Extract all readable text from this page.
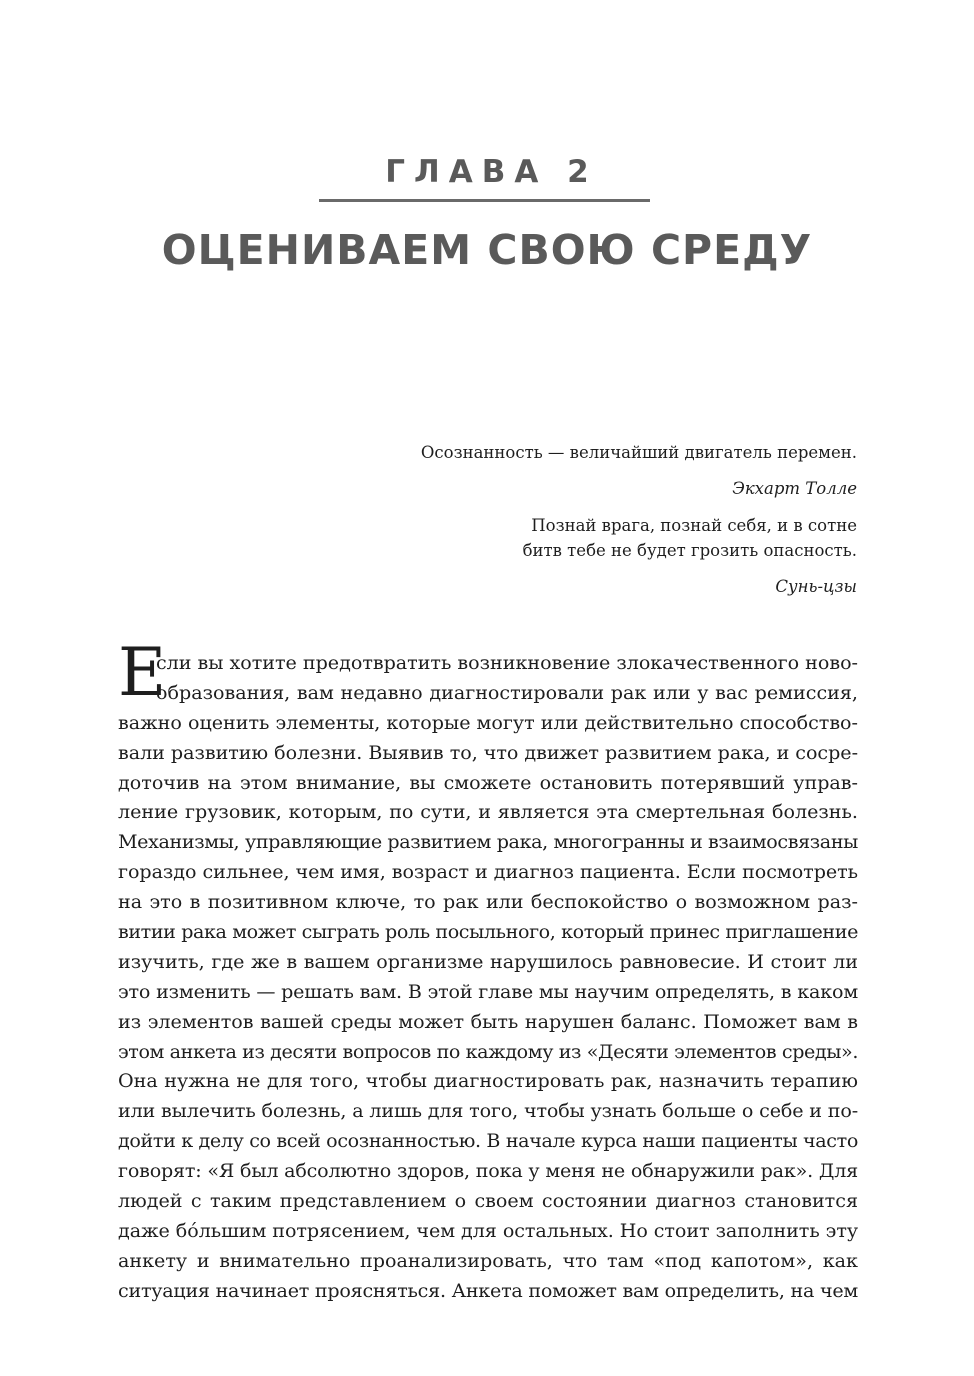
ГЛАВА 2
ОЦЕНИВАЕМ СВОЮ СРЕДУ
Осознанность — величайший двигатель перемен.
Экхарт Толле
Познай врага, познай себя, и в сотне
битв тебе не будет грозить опасность.
Сунь-цзы
Е
сли вы хотите предотвратить возникновение злокачественного ново-
образования, вам недавно диагностировали рак или у вас ремиссия,
важно оценить элементы, которые могут или действительно способство-
вали развитию болезни. Выявив то, что движет развитием рака, и сосре-
доточив на этом внимание, вы сможете остановить потерявший управ-
ление грузовик, которым, по сути, и является эта смертельная болезнь.
Механизмы, управляющие развитием рака, многогранны и взаимосвязаны
гораздо сильнее, чем имя, возраст и диагноз пациента. Если посмотреть
на это в позитивном ключе, то рак или беспокойство о возможном раз-
витии рака может сыграть роль посыльного, который принес приглашение
изучить, где же в вашем организме нарушилось равновесие. И стоит ли
это изменить — решать вам. В этой главе мы научим определять, в каком
из элементов вашей среды может быть нарушен баланс. Поможет вам в
этом анкета из десяти вопросов по каждому из «Десяти элементов среды».
Она нужна не для того, чтобы диагностировать рак, назначить терапию
или вылечить болезнь, а лишь для того, чтобы узнать больше о себе и по-
дойти к делу со всей осознанностью. В начале курса наши пациенты часто
говорят: «Я был абсолютно здоров, пока у меня не обнаружили рак». Для
людей с таким представлением о своем состоянии диагноз становится
даже бóльшим потрясением, чем для остальных. Но стоит заполнить эту
анкету и внимательно проанализировать, что там «под капотом», как
ситуация начинает проясняться. Анкета поможет вам определить, на чем
